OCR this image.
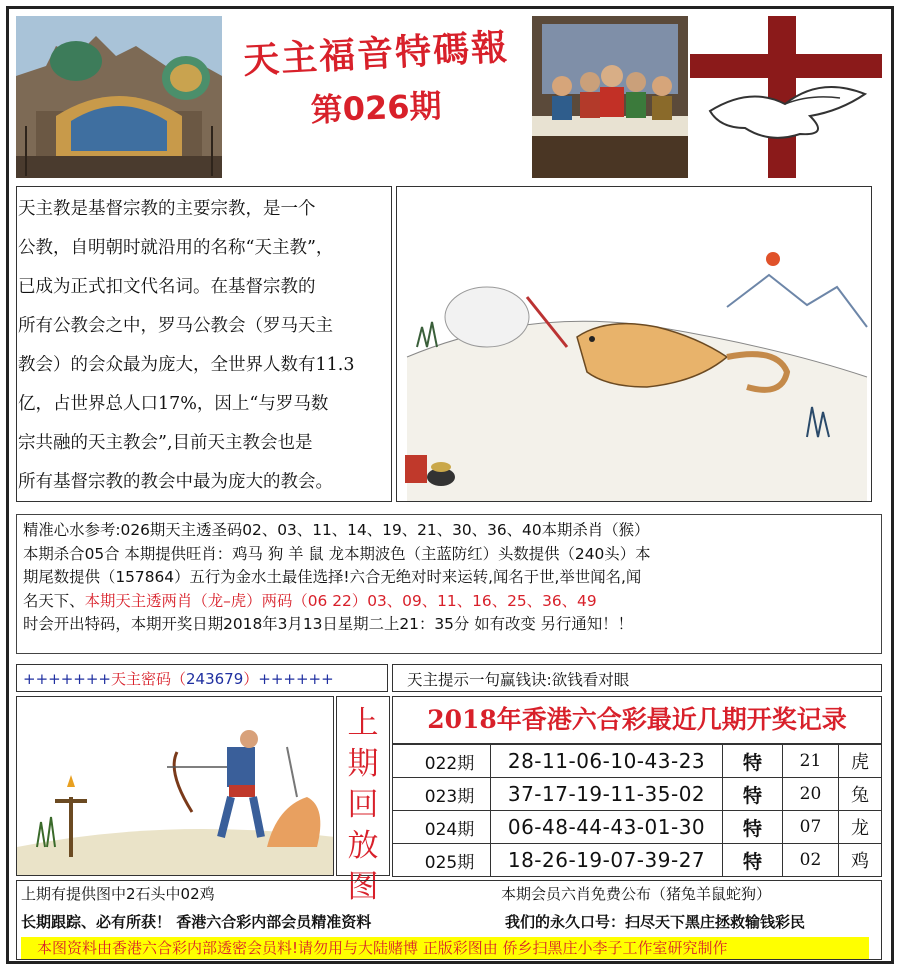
天主福音特碼報
第026期
天主教是基督宗教的主要宗教，是一个
公教，自明朝时就沿用的名称“天主教”，
已成为正式扣文代名词。在基督宗教的
所有公教会之中，罗马公教会（罗马天主
教会）的会众最为庞大，全世界人数有11.3
亿，占世界总人口17%，因上“与罗马数
宗共融的天主教会”,目前天主教会也是
所有基督宗教的教会中最为庞大的教会。
精准心水参考:026期天主透圣码02、03、11、14、19、21、30、36、40本期杀肖（猴）
本期杀合05合 本期提供旺肖：鸡马 狗 羊 鼠 龙本期波色（主蓝防红）头数提供（240头）本
期尾数提供（157864）五行为金水土最佳选择!六合无绝对时来运转,闻名于世,举世闻名,闻
名天下、本期天主透两肖（龙–虎）两码（06 22）03、09、11、16、25、36、49
时会开出特码，本期开奖日期2018年3月13日星期二上21：35分 如有改变 另行通知！！
+++++++天主密码（243679）++++++	天主提示一句赢钱诀:欲钱看对眼
上
期
回
放
图
2018年香港六合彩最近几期开奖记录
022期	28-11-06-10-43-23	特	21	虎
023期	37-17-19-11-35-02	特	20	兔
024期	06-48-44-43-01-30	特	07	龙
025期	18-26-19-07-39-27	特	02	鸡
上期有提供图中2石头中02鸡	本期会员六肖免费公布（猪兔羊鼠蛇狗）
长期跟踪、必有所获！ 香港六合彩内部会员精准资料	我们的永久口号：扫尽天下黑庄拯救输钱彩民
本图资料由香港六合彩内部透密会员料!请勿用与大陆赌博 正版彩图由 侨乡扫黑庄小李子工作室研究制作
